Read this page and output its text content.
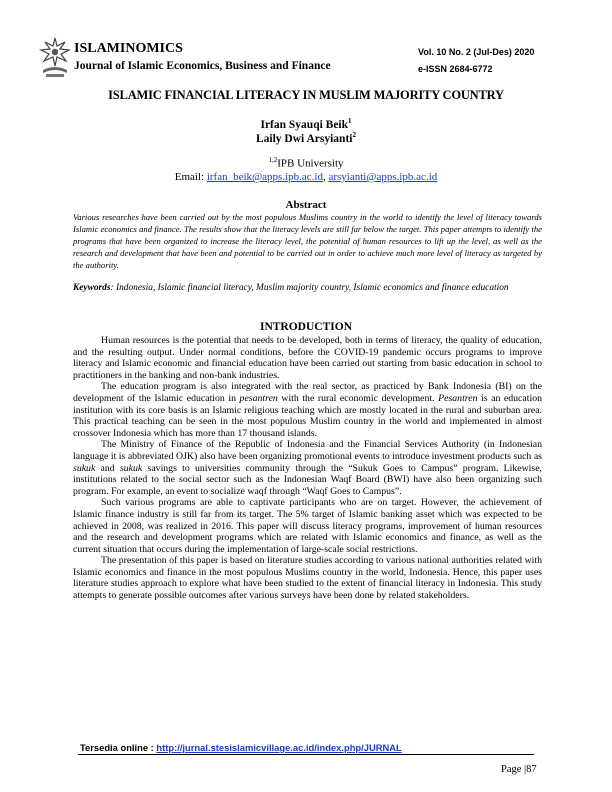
ISLAMINOMICS
Journal of Islamic Economics, Business and Finance
Vol. 10 No. 2 (Jul-Des) 2020
e-ISSN 2684-6772
ISLAMIC FINANCIAL LITERACY IN MUSLIM MAJORITY COUNTRY
Irfan Syauqi Beik$^1$
Laily Dwi Arsyianti$^2$
$^{1,2}$IPB University
Email: irfan_beik@apps.ipb.ac.id, arsyianti@apps.ipb.ac.id
Abstract
Various researches have been carried out by the most populous Muslims country in the world to identify the level of literacy towards Islamic economics and finance. The results show that the literacy levels are still far below the target. This paper attempts to identify the programs that have been organized to increase the literacy level, the potential of human resources to lift up the level, as well as the research and development that have been and potential to be carried out in order to achieve much more level of literacy as targeted by the authority.
Keywords: Indonesia, Islamic financial literacy, Muslim majority country, Islamic economics and finance education
INTRODUCTION

Human resources is the potential that needs to be developed, both in terms of literacy, the quality of education, and the resulting output. Under normal conditions, before the COVID-19 pandemic occurs programs to improve literacy and Islamic economic and financial education have been carried out starting from basic education in school to practitioners in the banking and non-bank industries.

The education program is also integrated with the real sector, as practiced by Bank Indonesia (BI) on the development of the Islamic education in pesantren with the rural economic development. Pesantren is an education institution with its core basis is an Islamic religious teaching which are mostly located in the rural and suburban area. This practical teaching can be seen in the most populous Muslim country in the world and implemented in almost crossover Indonesia which has more than 17 thousand islands.

The Ministry of Finance of the Republic of Indonesia and the Financial Services Authority (in Indonesian language it is abbreviated OJK) also have been organizing promotional events to introduce investment products such as sukuk and sukuk savings to universities community through the “Sukuk Goes to Campus” program. Likewise, institutions related to the social sector such as the Indonesian Waqf Board (BWI) have also been organizing such program. For example, an event to socialize waqf through “Waqf Goes to Campus”.

Such various programs are able to captivate participants who are on target. However, the achievement of Islamic finance industry is still far from its target. The 5% target of Islamic banking asset which was expected to be achieved in 2008, was realized in 2016. This paper will discuss literacy programs, improvement of human resources and the research and development programs which are related with Islamic economics and finance, as well as the current situation that occurs during the implementation of large-scale social restrictions.

The presentation of this paper is based on literature studies according to various national authorities related with Islamic economics and finance in the most populous Muslims country in the world, Indonesia. Hence, this paper uses literature studies approach to explore what have been studied to the extent of financial literacy in Indonesia. This study attempts to generate possible outcomes after various surveys have been done by related stakeholders.

Tersedia online : http://jurnal.stesislamicvillage.ac.id/index.php/JURNAL
Page |87
